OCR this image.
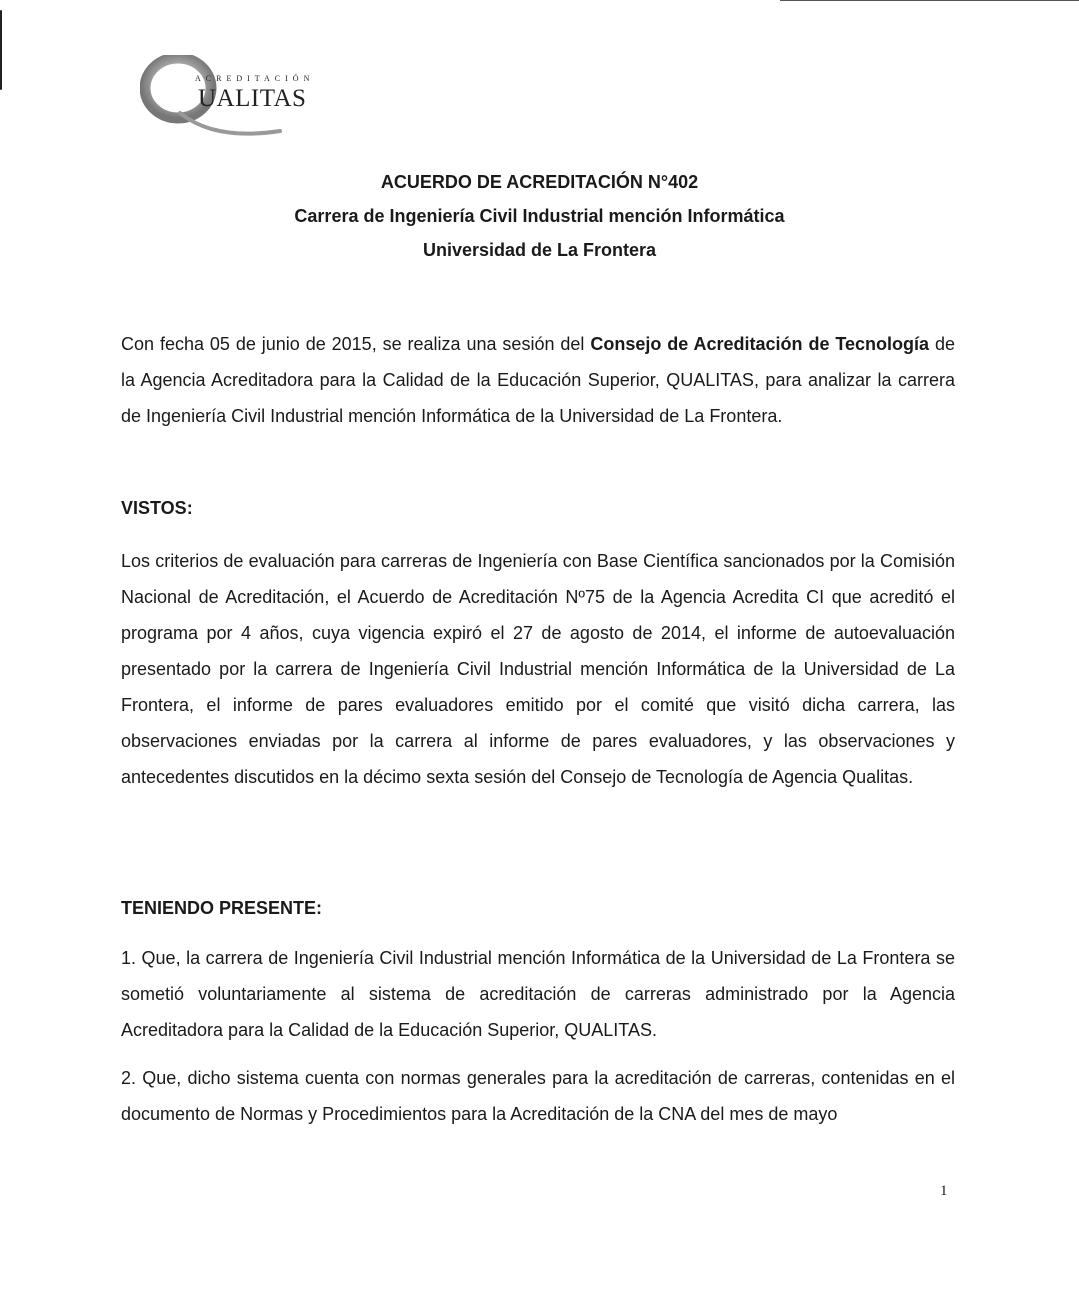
ACREDITACIÓN
UALITAS
ACUERDO DE ACREDITACIÓN N°402
Carrera de Ingeniería Civil Industrial mención Informática
Universidad de La Frontera
Con fecha 05 de junio de 2015, se realiza una sesión del Consejo de Acreditación de Tecnología de la Agencia Acreditadora para la Calidad de la Educación Superior, QUALITAS, para analizar la carrera de Ingeniería Civil Industrial mención Informática de la Universidad de La Frontera.
VISTOS:
Los criterios de evaluación para carreras de Ingeniería con Base Científica sancionados por la Comisión Nacional de Acreditación, el Acuerdo de Acreditación Nº75 de la Agencia Acredita CI que acreditó el programa por 4 años, cuya vigencia expiró el 27 de agosto de 2014, el informe de autoevaluación presentado por la carrera de Ingeniería Civil Industrial mención Informática de la Universidad de La Frontera, el informe de pares evaluadores emitido por el comité que visitó dicha carrera, las observaciones enviadas por la carrera al informe de pares evaluadores, y las observaciones y antecedentes discutidos en la décimo sexta sesión del Consejo de Tecnología de Agencia Qualitas.
TENIENDO PRESENTE:
1. Que, la carrera de Ingeniería Civil Industrial mención Informática de la Universidad de La Frontera se sometió voluntariamente al sistema de acreditación de carreras administrado por la Agencia Acreditadora para la Calidad de la Educación Superior, QUALITAS.
2. Que, dicho sistema cuenta con normas generales para la acreditación de carreras, contenidas en el documento de Normas y Procedimientos para la Acreditación de la CNA del mes de mayo
1
